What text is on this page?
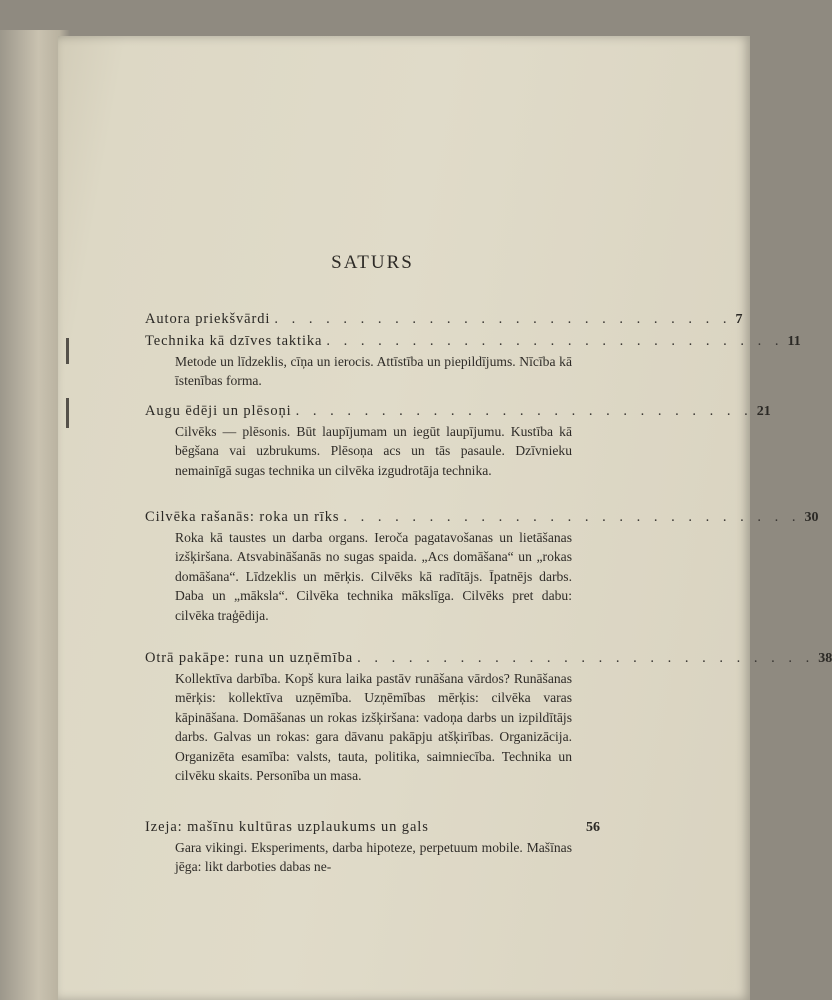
SATURS
Autora priekšvārdi . . . . . . . . . . . . . . . . . . . . . . . . . . . 7
Technika kā dzīves taktika . . . . . . . . . . . . . . . . . . . . . . . . . . . 11
Metode un līdzeklis, cīņa un ierocis. Attīstība un piepildījums. Nīcība kā īstenības forma.
Augu ēdēji un plēsoņi . . . . . . . . . . . . . . . . . . . . . . . . . . . 21
Cilvēks — plēsonis. Būt laupījumam un iegūt laupījumu. Kustība kā bēgšana vai uzbrukums. Plēsoņa acs un tās pasaule. Dzīvnieku nemainīgā sugas technika un cilvēka izgudrotāja technika.
Cilvēka rašanās: roka un rīks . . . . . . . . . . . . . . . . . . . . . . . . . . . 30
Roka kā taustes un darba organs. Ieroča pagatavošanas un lietāšanas izšķiršana. Atsvabināšanās no sugas spaida. „Acs domāšana“ un „rokas domāšana“. Līdzeklis un mērķis. Cilvēks kā radītājs. Īpatnējs darbs. Daba un „māksla“. Cilvēka technika mākslīga. Cilvēks pret dabu: cilvēka traģēdija.
Otrā pakāpe: runa un uzņēmība . . . . . . . . . . . . . . . . . . . . . . . . . . . 38
Kollektīva darbība. Kopš kura laika pastāv runāšana vārdos? Runāšanas mērķis: kollektīva uzņēmība. Uzņēmības mērķis: cilvēka varas kāpināšana. Domāšanas un rokas izšķiršana: vadoņa darbs un izpildītājs darbs. Galvas un rokas: gara dāvanu pakāpju atšķirības. Organizācija. Organizēta esamība: valsts, tauta, politika, saimniecība. Technika un cilvēku skaits. Personība un masa.
Izeja: mašīnu kultūras uzplaukums un gals	56
Gara vikingi. Eksperiments, darba hipoteze, perpetuum mobile. Mašīnas jēga: likt darboties dabas ne-
